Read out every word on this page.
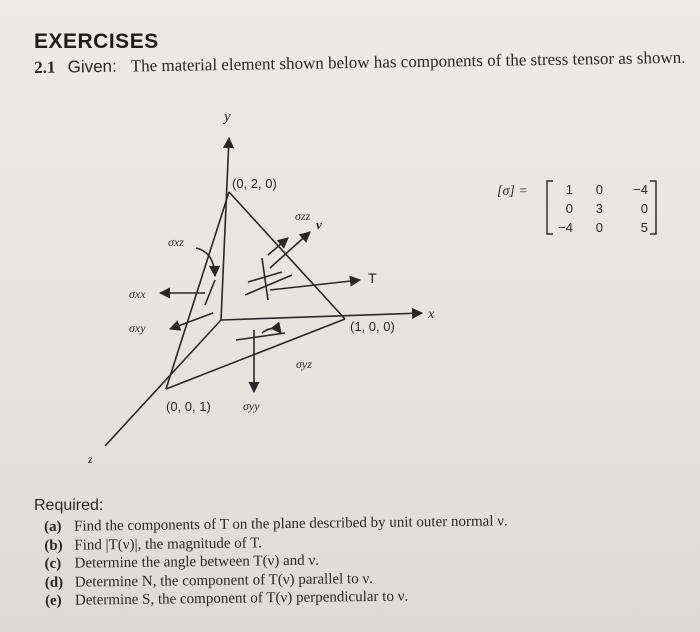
EXERCISES
2.1 Given: The material element shown below has components of the stress tensor as shown.
y
x
z
(0, 2, 0)
(1, 0, 0)
(0, 0, 1)
σzz
σxz
σxx
σxy
σyz
σyy
T
ν
[σ] =	1 0 −4
0 3	0
−4 0	5
Required:
(a) Find the components of T on the plane described by unit outer normal ν.
(b) Find |T(ν)|, the magnitude of T.
(c) Determine the angle between T(ν) and ν.
(d) Determine N, the component of T(ν) parallel to ν.
(e) Determine S, the component of T(ν) perpendicular to ν.
